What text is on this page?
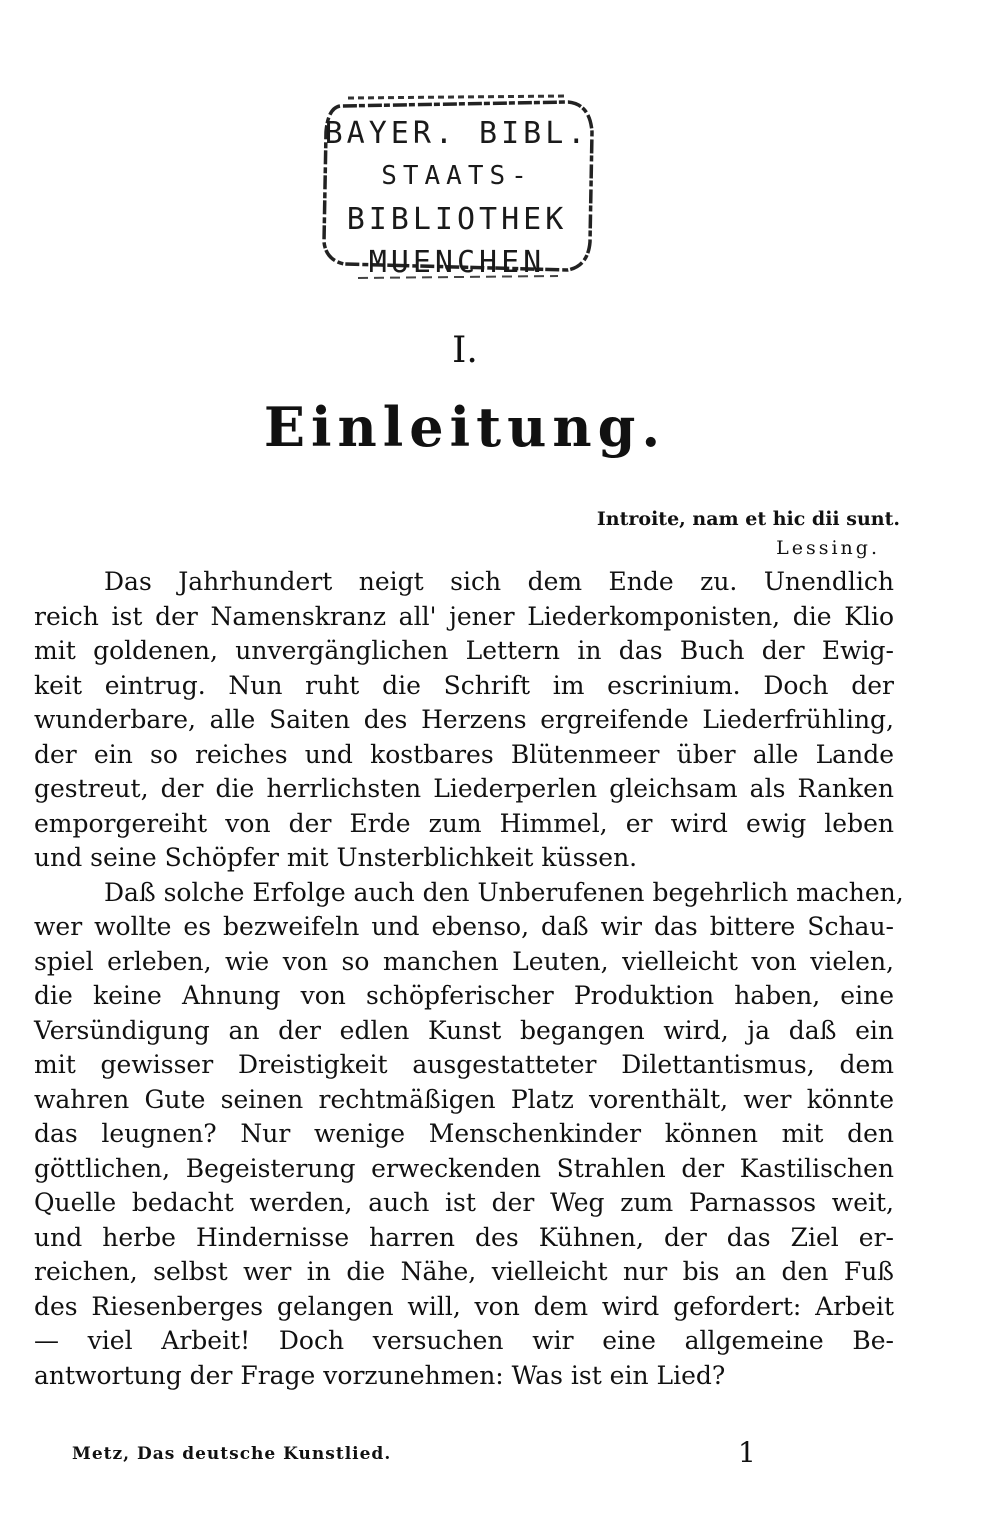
BAYER. BIBL.
STAATS-
BIBLIOTHEK
MUENCHEN
I.
Einleitung.
Introite, nam et hic dii sunt.
Lessing.
Das Jahrhundert neigt sich dem Ende zu. Unendlich
reich ist der Namenskranz all' jener Liederkomponisten, die Klio
mit goldenen, unvergänglichen Lettern in das Buch der Ewig-
keit eintrug. Nun ruht die Schrift im escrinium. Doch der
wunderbare, alle Saiten des Herzens ergreifende Liederfrühling,
der ein so reiches und kostbares Blütenmeer über alle Lande
gestreut, der die herrlichsten Liederperlen gleichsam als Ranken
emporgereiht von der Erde zum Himmel, er wird ewig leben
und seine Schöpfer mit Unsterblichkeit küssen.
Daß solche Erfolge auch den Unberufenen begehrlich machen,
wer wollte es bezweifeln und ebenso, daß wir das bittere Schau-
spiel erleben, wie von so manchen Leuten, vielleicht von vielen,
die keine Ahnung von schöpferischer Produktion haben, eine
Versündigung an der edlen Kunst begangen wird, ja daß ein
mit gewisser Dreistigkeit ausgestatteter Dilettantismus, dem
wahren Gute seinen rechtmäßigen Platz vorenthält, wer könnte
das leugnen? Nur wenige Menschenkinder können mit den
göttlichen, Begeisterung erweckenden Strahlen der Kastilischen
Quelle bedacht werden, auch ist der Weg zum Parnassos weit,
und herbe Hindernisse harren des Kühnen, der das Ziel er-
reichen, selbst wer in die Nähe, vielleicht nur bis an den Fuß
des Riesenberges gelangen will, von dem wird gefordert: Arbeit
— viel Arbeit! Doch versuchen wir eine allgemeine Be-
antwortung der Frage vorzunehmen: Was ist ein Lied?
Metz, Das deutsche Kunstlied.	1
